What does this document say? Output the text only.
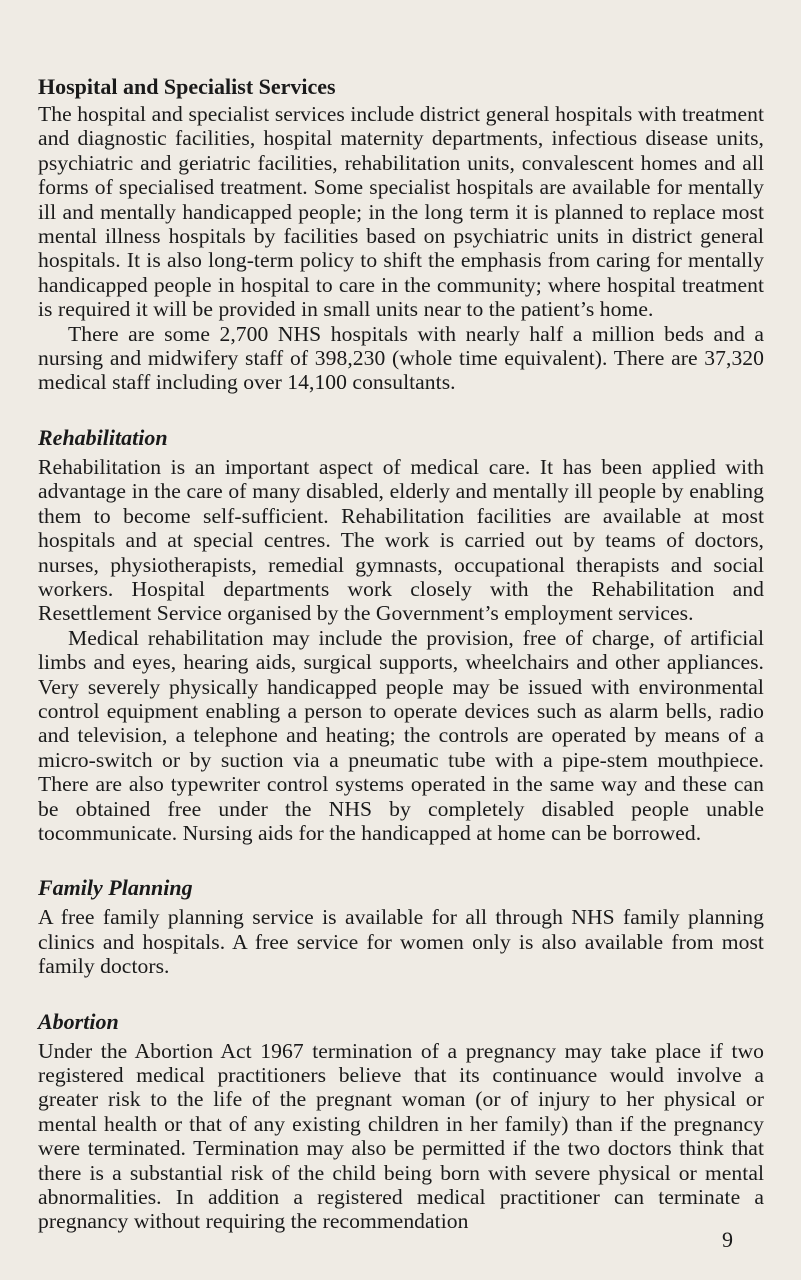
Hospital and Specialist Services

The hospital and specialist services include district general hospitals with treatment and diagnostic facilities, hospital maternity departments, infectious disease units, psychiatric and geriatric facilities, rehabilitation units, convalescent homes and all forms of specialised treatment. Some specialist hospitals are available for mentally ill and mentally handicapped people; in the long term it is planned to replace most mental illness hospitals by facilities based on psychiatric units in district general hospitals. It is also long-term policy to shift the emphasis from caring for mentally handicapped people in hospital to care in the community; where hospital treatment is required it will be provided in small units near to the patient’s home.

There are some 2,700 NHS hospitals with nearly half a million beds and a nursing and midwifery staff of 398,230 (whole time equivalent). There are 37,320 medical staff including over 14,100 consultants.

Rehabilitation

Rehabilitation is an important aspect of medical care. It has been applied with advantage in the care of many disabled, elderly and mentally ill people by enabling them to become self-sufficient. Rehabilitation facilities are available at most hospitals and at special centres. The work is carried out by teams of doctors, nurses, physiotherapists, remedial gymnasts, occupational therapists and social workers. Hospital departments work closely with the Rehabilitation and Resettlement Service organised by the Government’s employment services.

Medical rehabilitation may include the provision, free of charge, of artificial limbs and eyes, hearing aids, surgical supports, wheelchairs and other appliances. Very severely physically handicapped people may be issued with environmental control equipment enabling a person to operate devices such as alarm bells, radio and television, a telephone and heating; the controls are operated by means of a micro-switch or by suction via a pneumatic tube with a pipe-stem mouthpiece. There are also typewriter control systems operated in the same way and these can be obtained free under the NHS by completely disabled people unable tocommunicate. Nursing aids for the handicapped at home can be borrowed.

Family Planning

A free family planning service is available for all through NHS family planning clinics and hospitals. A free service for women only is also available from most family doctors.

Abortion

Under the Abortion Act 1967 termination of a pregnancy may take place if two registered medical practitioners believe that its continuance would involve a greater risk to the life of the pregnant woman (or of injury to her physical or mental health or that of any existing children in her family) than if the pregnancy were terminated. Termination may also be permitted if the two doctors think that there is a substantial risk of the child being born with severe physical or mental abnormalities. In addition a registered medical practitioner can terminate a pregnancy without requiring the recommendation

9
